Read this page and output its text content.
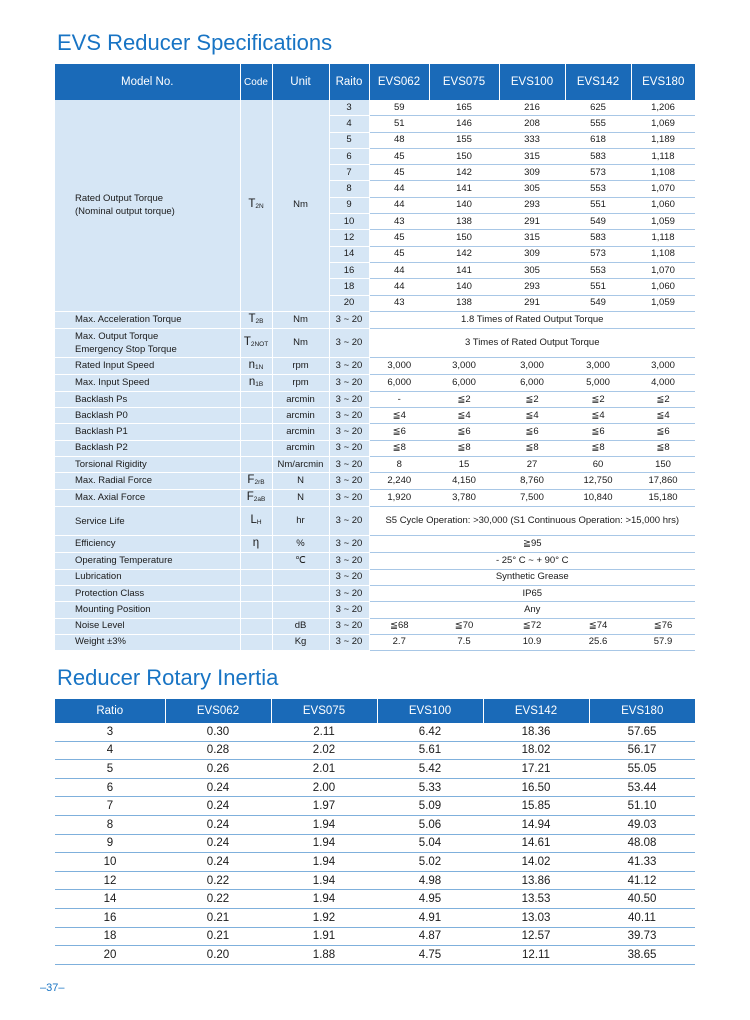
EVS Reducer Specifications
Model No.	Code	Unit	Raito	EVS062	EVS075	EVS100	EVS142	EVS180

Rated Output Torque
(Nominal output torque)	$T_{2N}$	Nm	3	59	165	216	625	1,206
			4	51	146	208	555	1,069
			5	48	155	333	618	1,189
			6	45	150	315	583	1,118
			7	45	142	309	573	1,108
			8	44	141	305	553	1,070
			9	44	140	293	551	1,060
			10	43	138	291	549	1,059
			12	45	150	315	583	1,118
			14	45	142	309	573	1,108
			16	44	141	305	553	1,070
			18	44	140	293	551	1,060
			20	43	138	291	549	1,059
Max. Acceleration Torque	$T_{2B}$	Nm	3 ~ 20	1.8 Times of Rated Output Torque				
Max. Output Torque Emergency Stop Torque	$T_{2NOT}$	Nm	3 ~ 20	3 Times of Rated Output Torque				
Rated Input Speed	$n_{1N}$	rpm	3 ~ 20	3,000	3,000	3,000	3,000	3,000
Max. Input Speed	$n_{1B}$	rpm	3 ~ 20	6,000	6,000	6,000	5,000	4,000
Backlash Ps		arcmin	3 ~ 20	-	≦2	≦2	≦2	≦2
Backlash P0		arcmin	3 ~ 20	≦4	≦4	≦4	≦4	≦4
Backlash P1		arcmin	3 ~ 20	≦6	≦6	≦6	≦6	≦6
Backlash P2		arcmin	3 ~ 20	≦8	≦8	≦8	≦8	≦8
Torsional Rigidity		Nm/arcmin	3 ~ 20	8	15	27	60	150
Max. Radial Force	$F_{2rB}$	N	3 ~ 20	2,240	4,150	8,760	12,750	17,860
Max. Axial Force	$F_{2aB}$	N	3 ~ 20	1,920	3,780	7,500	10,840	15,180
Service Life	$L_H$	hr	3 ~ 20	S5 Cycle Operation: >30,000 (S1 Continuous Operation: >15,000 hrs)				
Efficiency	η	%	3 ~ 20	≧95				
Operating Temperature		℃	3 ~ 20	- 25° C ~ + 90° C				
Lubrication			3 ~ 20	Synthetic Grease				
Protection Class			3 ~ 20	IP65				
Mounting Position			3 ~ 20	Any				
Noise Level		dB	3 ~ 20	≦68	≦70	≦72	≦74	≦76
Weight ±3%		Kg	3 ~ 20	2.7	7.5	10.9	25.6	57.9
Reducer Rotary Inertia
Ratio	EVS062	EVS075	EVS100	EVS142	EVS180
3	0.30	2.11	6.42	18.36	57.65
4	0.28	2.02	5.61	18.02	56.17
5	0.26	2.01	5.42	17.21	55.05
6	0.24	2.00	5.33	16.50	53.44
7	0.24	1.97	5.09	15.85	51.10
8	0.24	1.94	5.06	14.94	49.03
9	0.24	1.94	5.04	14.61	48.08
10	0.24	1.94	5.02	14.02	41.33
12	0.22	1.94	4.98	13.86	41.12
14	0.22	1.94	4.95	13.53	40.50
16	0.21	1.92	4.91	13.03	40.11
18	0.21	1.91	4.87	12.57	39.73
20	0.20	1.88	4.75	12.11	38.65
–37–
